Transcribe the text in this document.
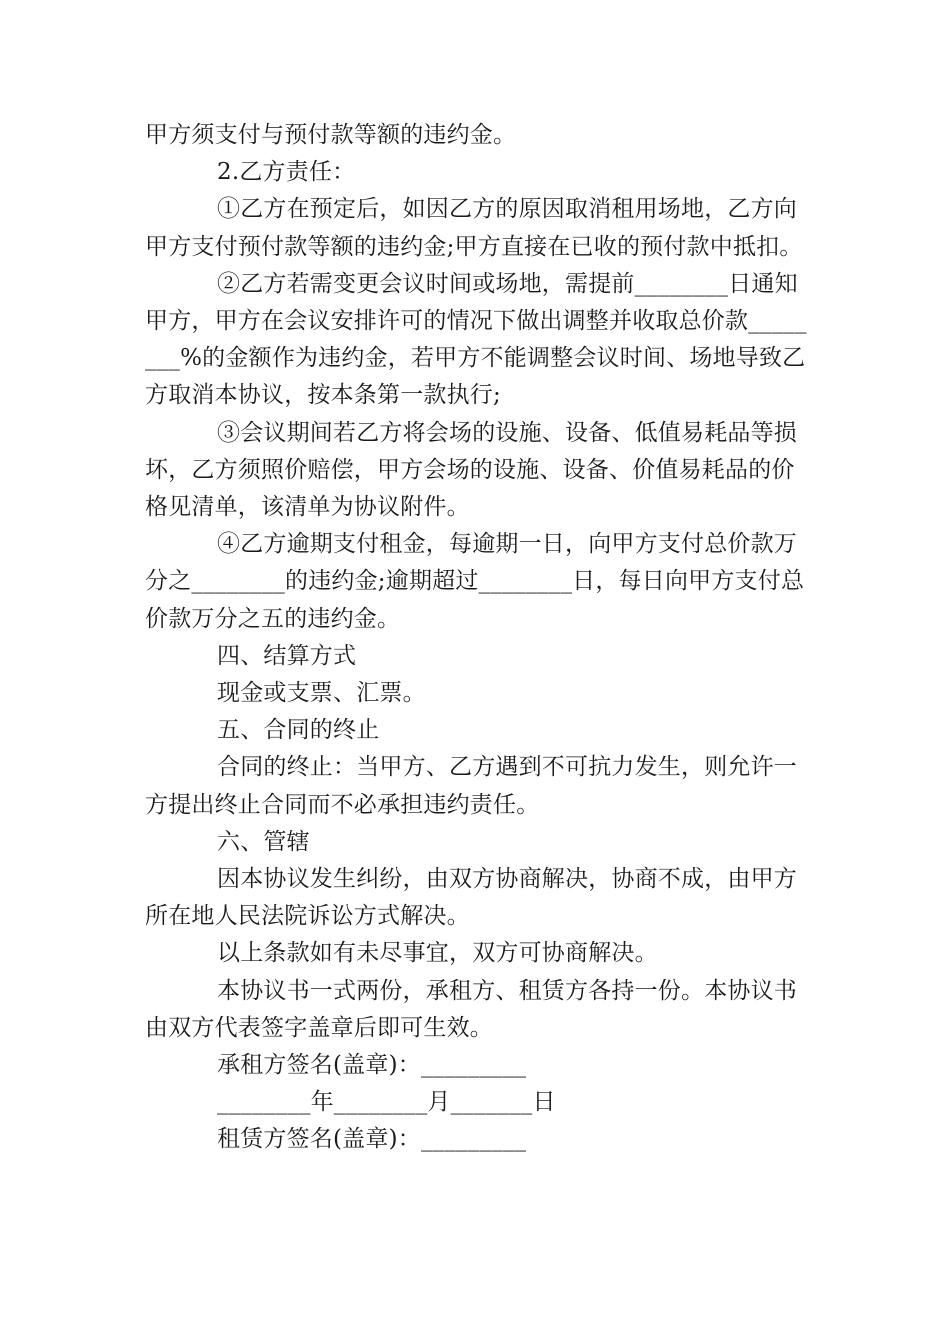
甲方须支付与预付款等额的违约金。

2.乙方责任：

①乙方在预定后，如因乙方的原因取消租用场地，乙方向甲方支付预付款等额的违约金;甲方直接在已收的预付款中抵扣。

②乙方若需变更会议时间或场地，需提前________日通知甲方，甲方在会议安排许可的情况下做出调整并收取总价款________%的金额作为违约金，若甲方不能调整会议时间、场地导致乙方取消本协议，按本条第一款执行;

③会议期间若乙方将会场的设施、设备、低值易耗品等损坏，乙方须照价赔偿，甲方会场的设施、设备、价值易耗品的价格见清单，该清单为协议附件。

④乙方逾期支付租金，每逾期一日，向甲方支付总价款万分之________的违约金;逾期超过________日，每日向甲方支付总价款万分之五的违约金。

四、结算方式

现金或支票、汇票。

五、合同的终止

合同的终止：当甲方、乙方遇到不可抗力发生，则允许一方提出终止合同而不必承担违约责任。

六、管辖

因本协议发生纠纷，由双方协商解决，协商不成，由甲方所在地人民法院诉讼方式解决。

以上条款如有未尽事宜，双方可协商解决。

本协议书一式两份，承租方、租赁方各持一份。本协议书由双方代表签字盖章后即可生效。

承租方签名(盖章)：_________

________年________月_______日

租赁方签名(盖章)：_________
